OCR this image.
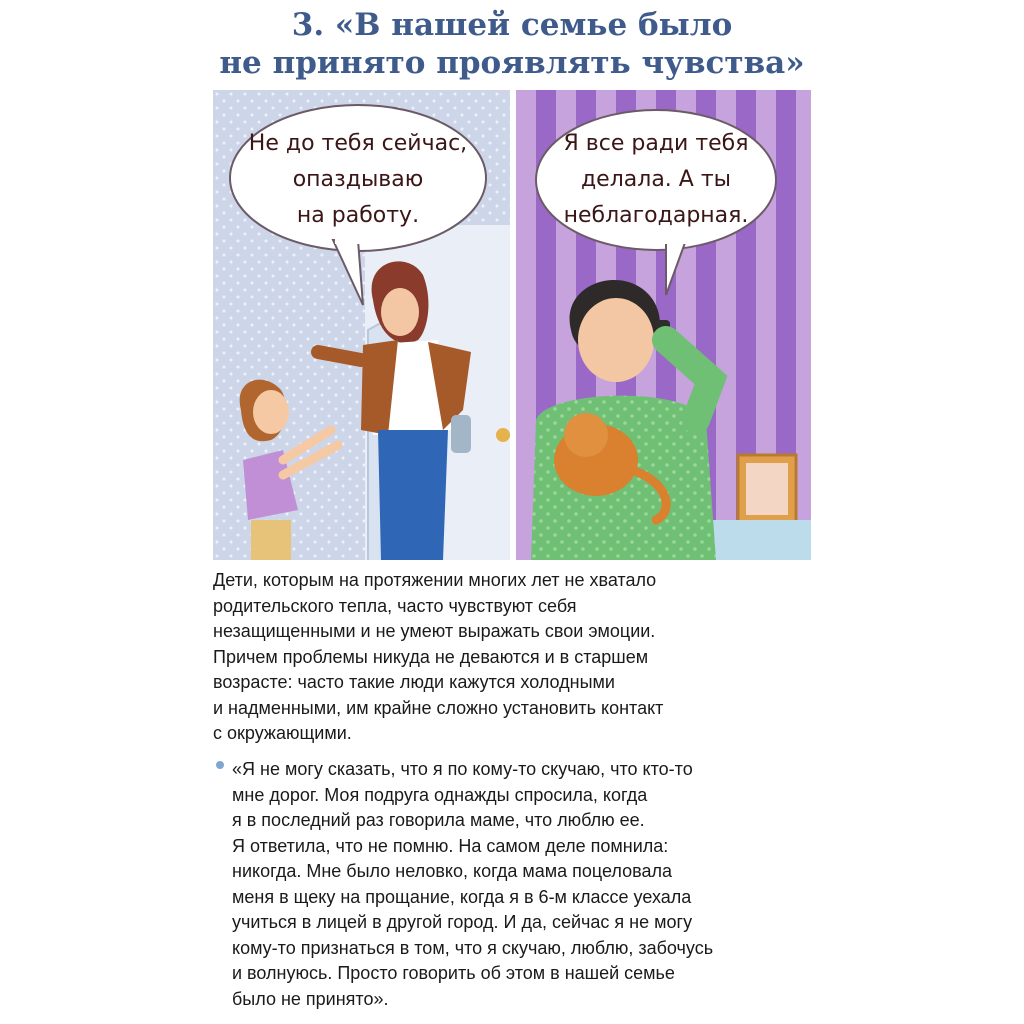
3. «В нашей семье было
не принято проявлять чувства»
Не до тебя сейчас,
опаздываю
на работу.
Я все ради тебя
делала. А ты
неблагодарная.
Дети, которым на протяжении многих лет не хватало
родительского тепла, часто чувствуют себя
незащищенными и не умеют выражать свои эмоции.
Причем проблемы никуда не деваются и в старшем
возрасте: часто такие люди кажутся холодными
и надменными, им крайне сложно установить контакт
с окружающими.
«Я не могу сказать, что я по кому-то скучаю, что кто-то
мне дорог. Моя подруга однажды спросила, когда
я в последний раз говорила маме, что люблю ее.
Я ответила, что не помню. На самом деле помнила:
никогда. Мне было неловко, когда мама поцеловала
меня в щеку на прощание, когда я в 6-м классе уехала
учиться в лицей в другой город. И да, сейчас я не могу
кому-то признаться в том, что я скучаю, люблю, забочусь
и волнуюсь. Просто говорить об этом в нашей семье
было не принято».
